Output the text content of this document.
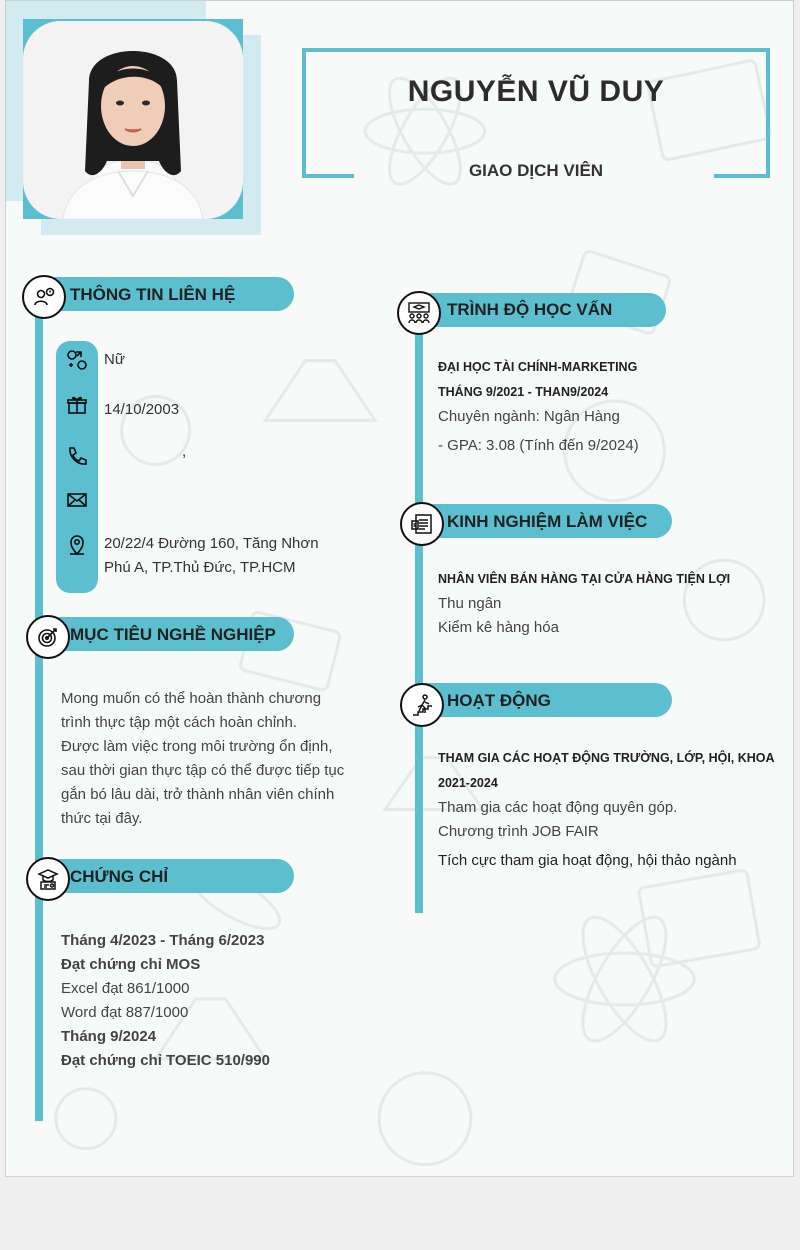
NGUYỄN VŨ DUY
GIAO DỊCH VIÊN
THÔNG TIN LIÊN HỆ
Nữ
14/10/2003
,
20/22/4 Đường 160, Tăng Nhơn
Phú A, TP.Thủ Đức, TP.HCM
MỤC TIÊU NGHỀ NGHIỆP
Mong muốn có thể hoàn thành chương
trình thực tập một cách hoàn chỉnh.
Được làm việc trong môi trường ổn định,
sau thời gian thực tập có thể được tiếp tục
gắn bó lâu dài, trở thành nhân viên chính
thức tại đây.
CHỨNG CHỈ
Tháng 4/2023 - Tháng 6/2023
Đạt chứng chỉ MOS
Excel đạt 861/1000
Word đạt 887/1000
Tháng 9/2024
Đạt chứng chỉ TOEIC 510/990
TRÌNH ĐỘ HỌC VẤN
ĐẠI HỌC TÀI CHÍNH-MARKETING
THÁNG 9/2021 - THAN9/2024
Chuyên ngành: Ngân Hàng
- GPA: 3.08 (Tính đến 9/2024)
KINH NGHIỆM LÀM VIỆC
NHÂN VIÊN BÁN HÀNG TẠI CỬA HÀNG TIỆN LỢI
Thu ngân
Kiểm kê hàng hóa
HOẠT ĐỘNG
THAM GIA CÁC HOẠT ĐỘNG TRƯỜNG, LỚP, HỘI, KHOA
2021-2024
Tham gia các hoạt động quyên góp.
Chương trình JOB FAIR
Tích cực tham gia hoạt động, hội thảo ngành
